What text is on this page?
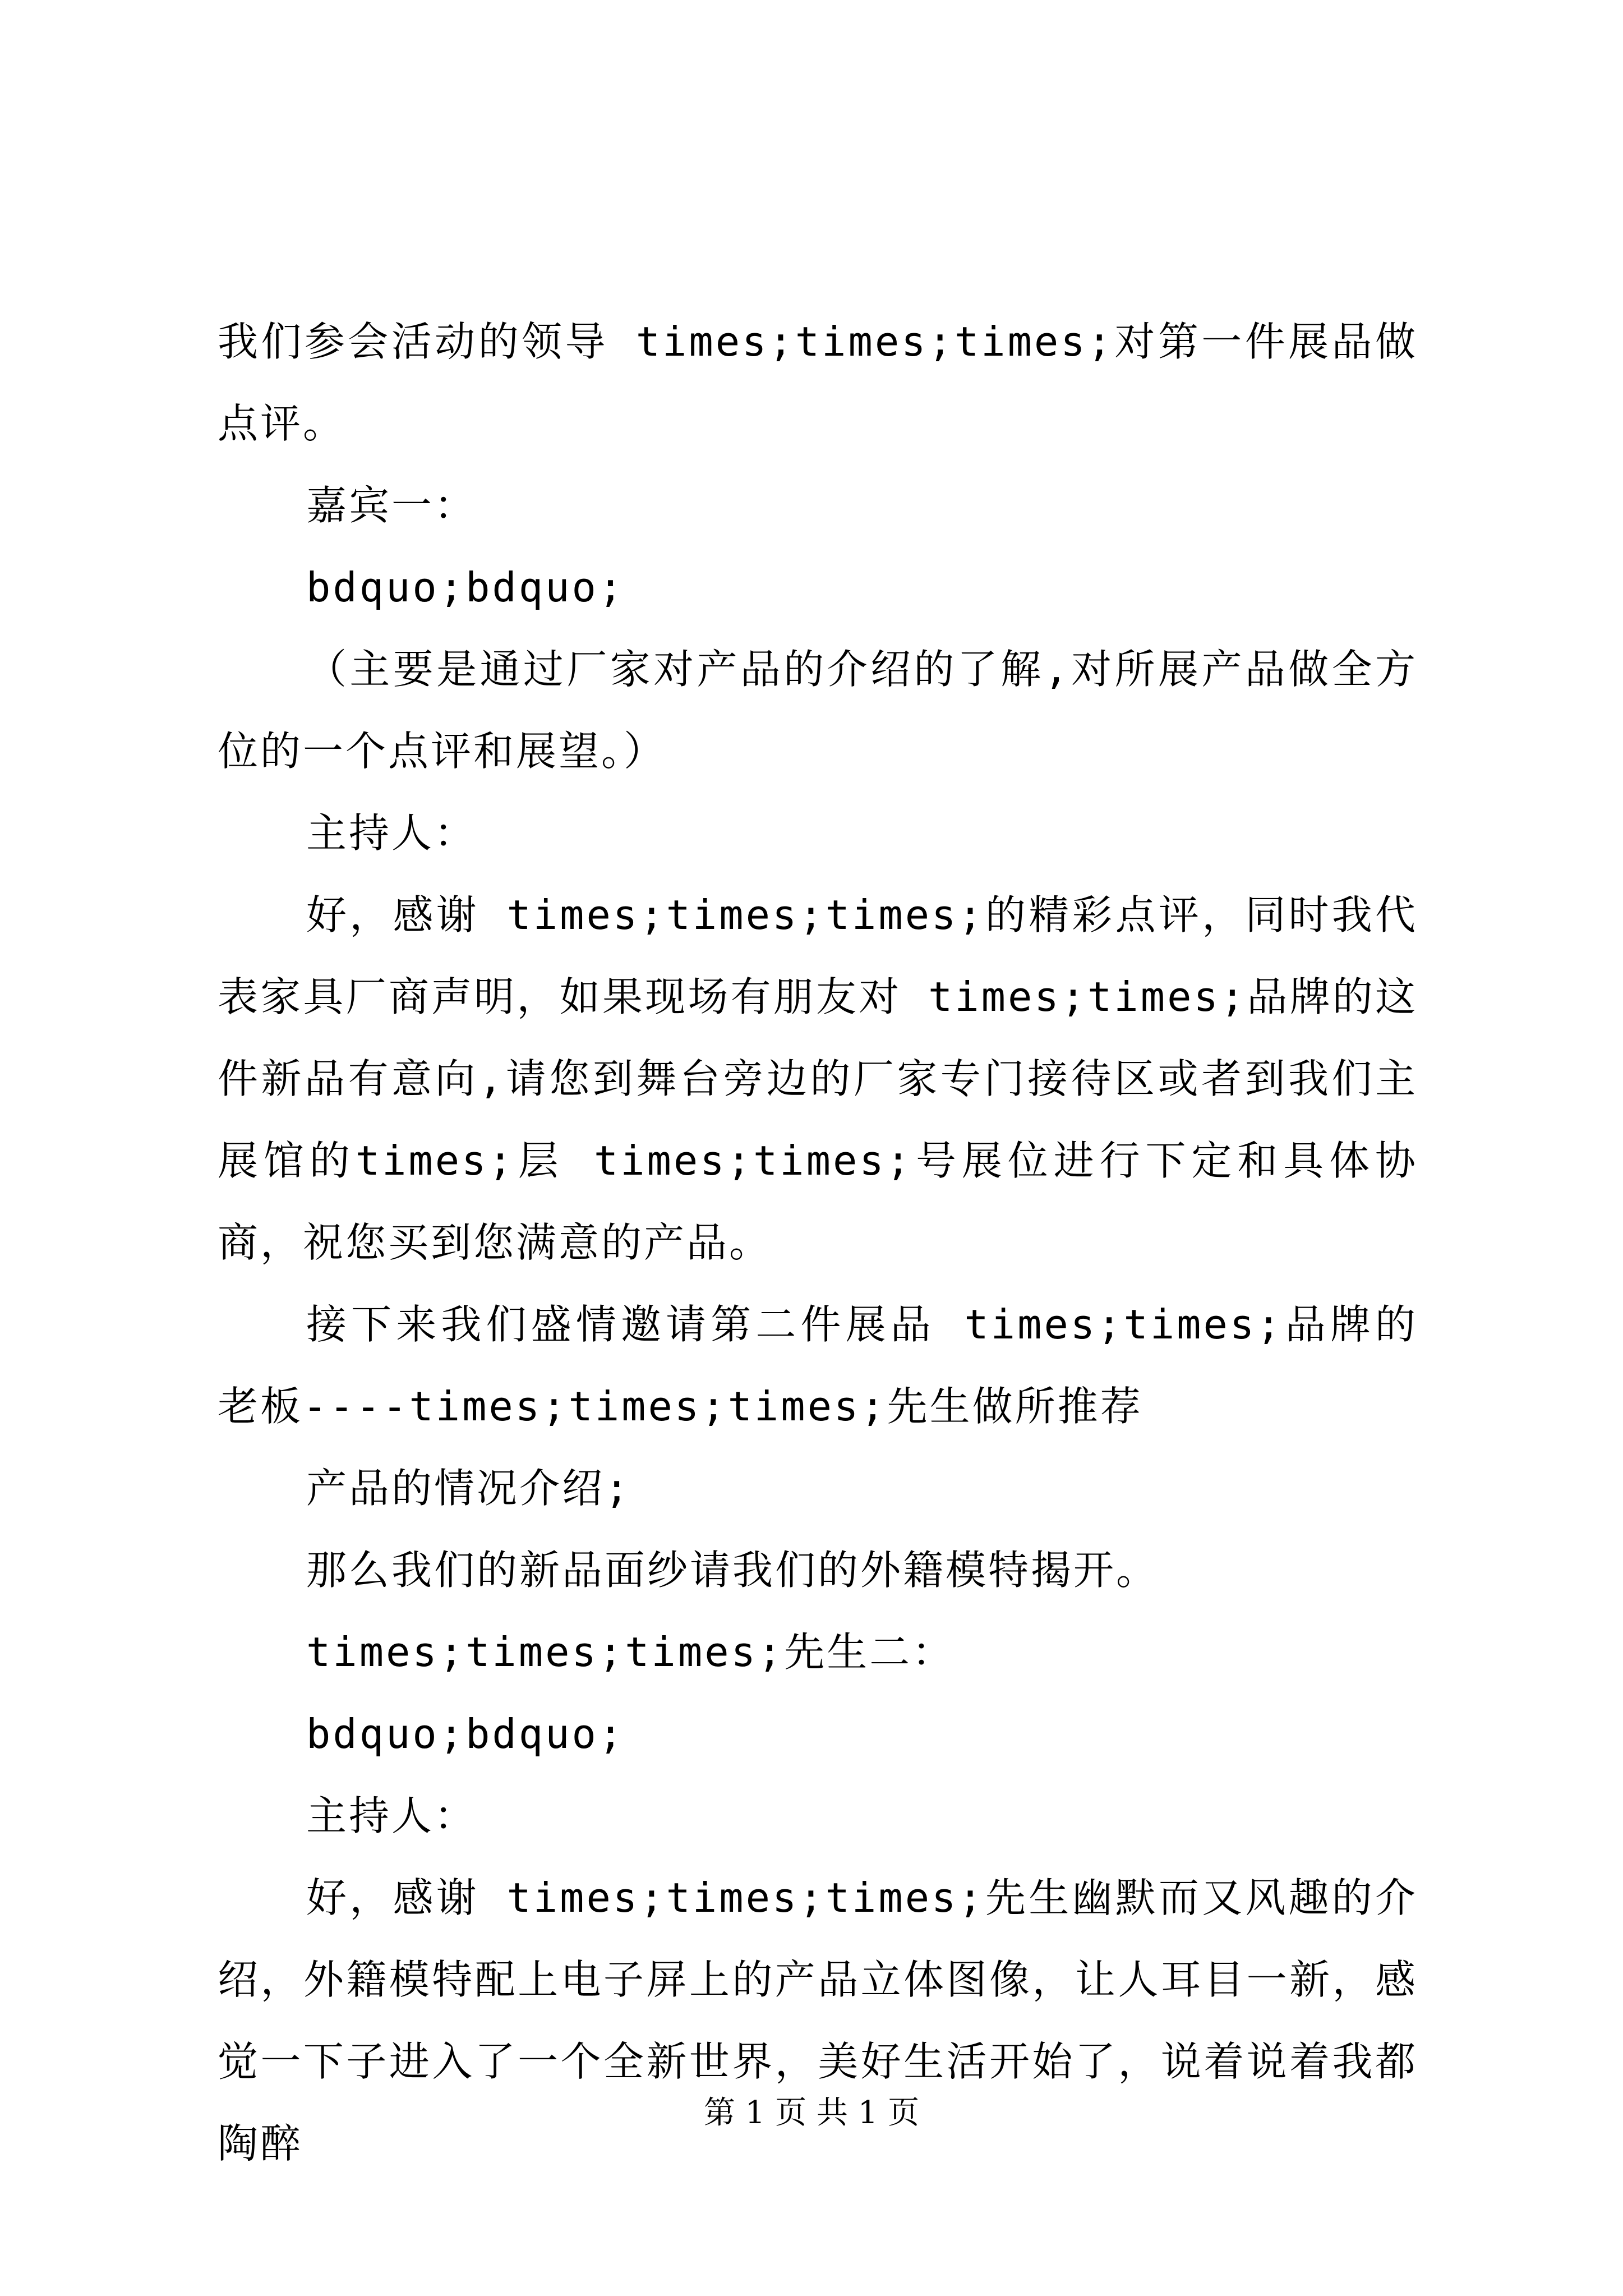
我们参会活动的领导 times;times;times;对第一件展品做点评。

嘉宾一：

bdquo;bdquo;

（主要是通过厂家对产品的介绍的了解,对所展产品做全方位的一个点评和展望。）

主持人：

好，感谢 times;times;times;的精彩点评，同时我代表家具厂商声明，如果现场有朋友对 times;times;品牌的这件新品有意向,请您到舞台旁边的厂家专门接待区或者到我们主展馆的times;层 times;times;号展位进行下定和具体协商，祝您买到您满意的产品。

接下来我们盛情邀请第二件展品 times;times;品牌的老板----times;times;times;先生做所推荐

产品的情况介绍;

那么我们的新品面纱请我们的外籍模特揭开。

times;times;times;先生二：

bdquo;bdquo;

主持人：

好，感谢 times;times;times;先生幽默而又风趣的介绍，外籍模特配上电子屏上的产品立体图像，让人耳目一新，感觉一下子进入了一个全新世界，美好生活开始了，说着说着我都陶醉

第 1 页 共 1 页
